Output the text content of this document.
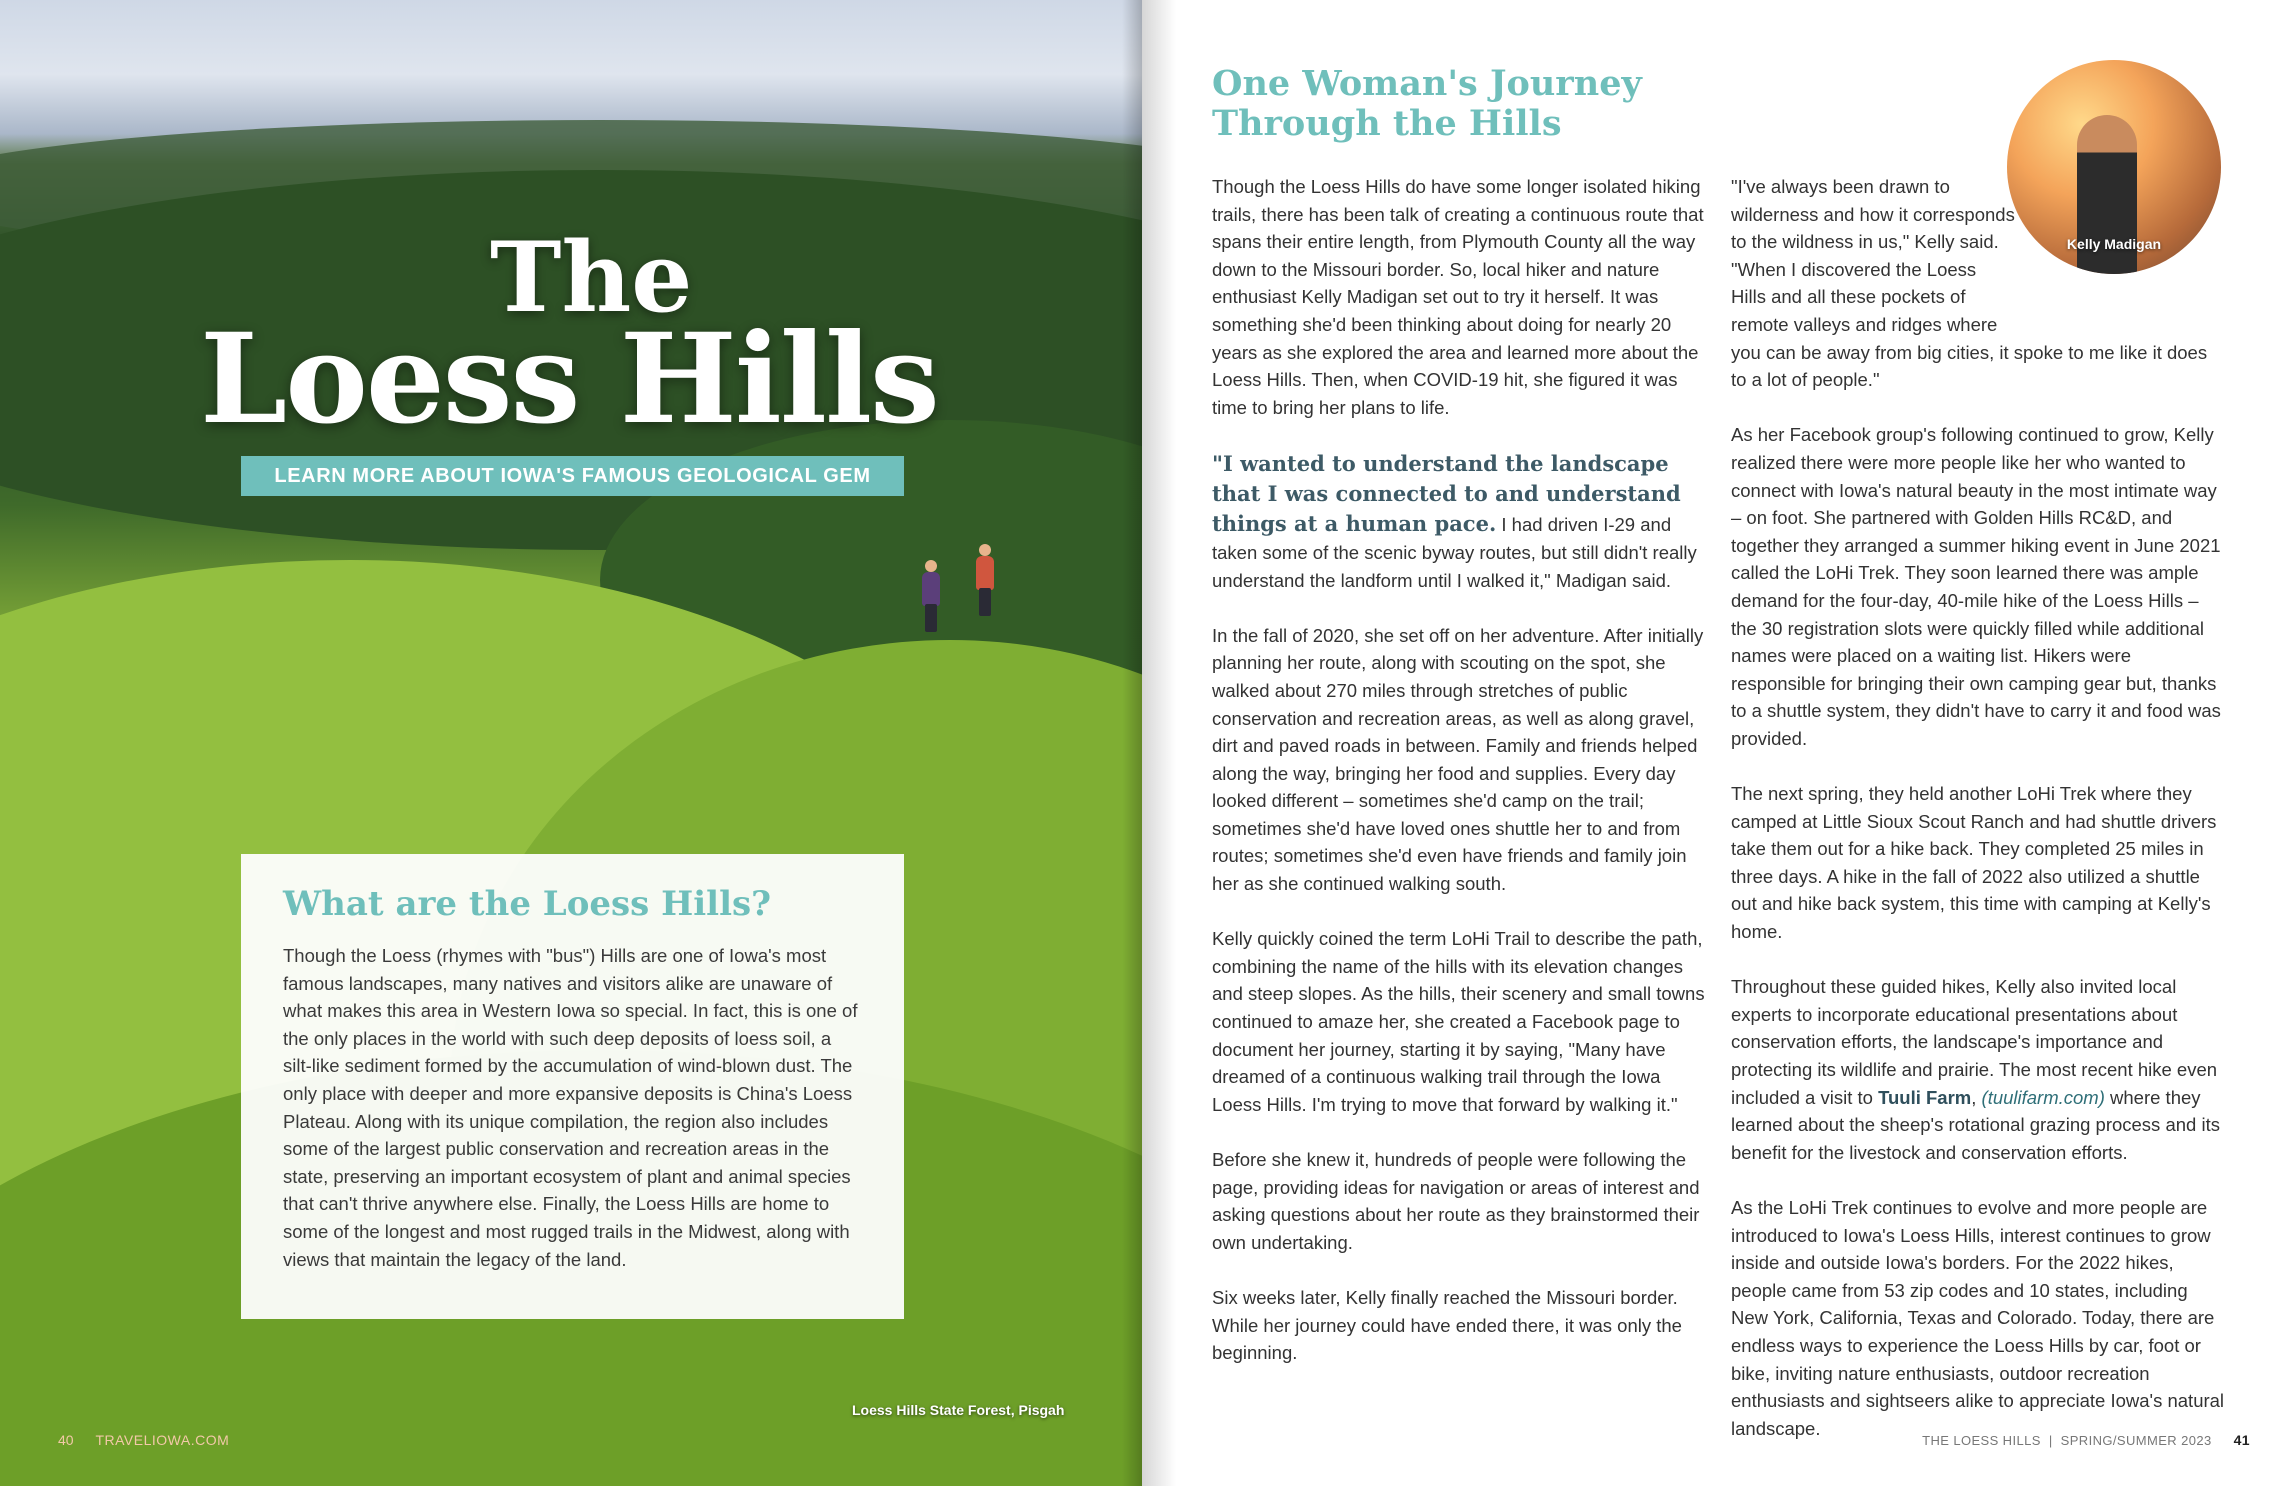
The
Loess Hills
LEARN MORE ABOUT IOWA'S FAMOUS GEOLOGICAL GEM
What are the Loess Hills?

Though the Loess (rhymes with "bus") Hills are one of Iowa's most famous landscapes, many natives and visitors alike are unaware of what makes this area in Western Iowa so special. In fact, this is one of the only places in the world with such deep deposits of loess soil, a silt-like sediment formed by the accumulation of wind-blown dust. The only place with deeper and more expansive deposits is China's Loess Plateau. Along with its unique compilation, the region also includes some of the largest public conservation and recreation areas in the state, preserving an important ecosystem of plant and animal species that can't thrive anywhere else. Finally, the Loess Hills are home to some of the longest and most rugged trails in the Midwest, along with views that maintain the legacy of the land.

Loess Hills State Forest, Pisgah
40 TRAVELIOWA.COM
One Woman's Journey Through the Hills
Kelly Madigan

Though the Loess Hills do have some longer isolated hiking trails, there has been talk of creating a continuous route that spans their entire length, from Plymouth County all the way down to the Missouri border. So, local hiker and nature enthusiast Kelly Madigan set out to try it herself. It was something she'd been thinking about doing for nearly 20 years as she explored the area and learned more about the Loess Hills. Then, when COVID-19 hit, she figured it was time to bring her plans to life.

"I wanted to understand the landscape that I was connected to and understand things at a human pace. I had driven I-29 and taken some of the scenic byway routes, but still didn't really understand the landform until I walked it," Madigan said.

In the fall of 2020, she set off on her adventure. After initially planning her route, along with scouting on the spot, she walked about 270 miles through stretches of public conservation and recreation areas, as well as along gravel, dirt and paved roads in between. Family and friends helped along the way, bringing her food and supplies. Every day looked different – sometimes she'd camp on the trail; sometimes she'd have loved ones shuttle her to and from routes; sometimes she'd even have friends and family join her as she continued walking south.

Kelly quickly coined the term LoHi Trail to describe the path, combining the name of the hills with its elevation changes and steep slopes. As the hills, their scenery and small towns continued to amaze her, she created a Facebook page to document her journey, starting it by saying, "Many have dreamed of a continuous walking trail through the Iowa Loess Hills. I'm trying to move that forward by walking it."

Before she knew it, hundreds of people were following the page, providing ideas for navigation or areas of interest and asking questions about her route as they brainstormed their own undertaking.

Six weeks later, Kelly finally reached the Missouri border. While her journey could have ended there, it was only the beginning.

"I've always been drawn to wilderness and how it corresponds to the wildness in us," Kelly said. "When I discovered the Loess Hills and all these pockets of remote valleys and ridges where you can be away from big cities, it spoke to me like it does to a lot of people."

As her Facebook group's following continued to grow, Kelly realized there were more people like her who wanted to connect with Iowa's natural beauty in the most intimate way – on foot. She partnered with Golden Hills RC&D, and together they arranged a summer hiking event in June 2021 called the LoHi Trek. They soon learned there was ample demand for the four-day, 40-mile hike of the Loess Hills – the 30 registration slots were quickly filled while additional names were placed on a waiting list. Hikers were responsible for bringing their own camping gear but, thanks to a shuttle system, they didn't have to carry it and food was provided.

The next spring, they held another LoHi Trek where they camped at Little Sioux Scout Ranch and had shuttle drivers take them out for a hike back. They completed 25 miles in three days. A hike in the fall of 2022 also utilized a shuttle out and hike back system, this time with camping at Kelly's home.

Throughout these guided hikes, Kelly also invited local experts to incorporate educational presentations about conservation efforts, the landscape's importance and protecting its wildlife and prairie. The most recent hike even included a visit to Tuuli Farm, (tuulifarm.com) where they learned about the sheep's rotational grazing process and its benefit for the livestock and conservation efforts.

As the LoHi Trek continues to evolve and more people are introduced to Iowa's Loess Hills, interest continues to grow inside and outside Iowa's borders. For the 2022 hikes, people came from 53 zip codes and 10 states, including New York, California, Texas and Colorado. Today, there are endless ways to experience the Loess Hills by car, foot or bike, inviting nature enthusiasts, outdoor recreation enthusiasts and sightseers alike to appreciate Iowa's natural landscape.

THE LOESS HILLS  |  SPRING/SUMMER 2023 41
